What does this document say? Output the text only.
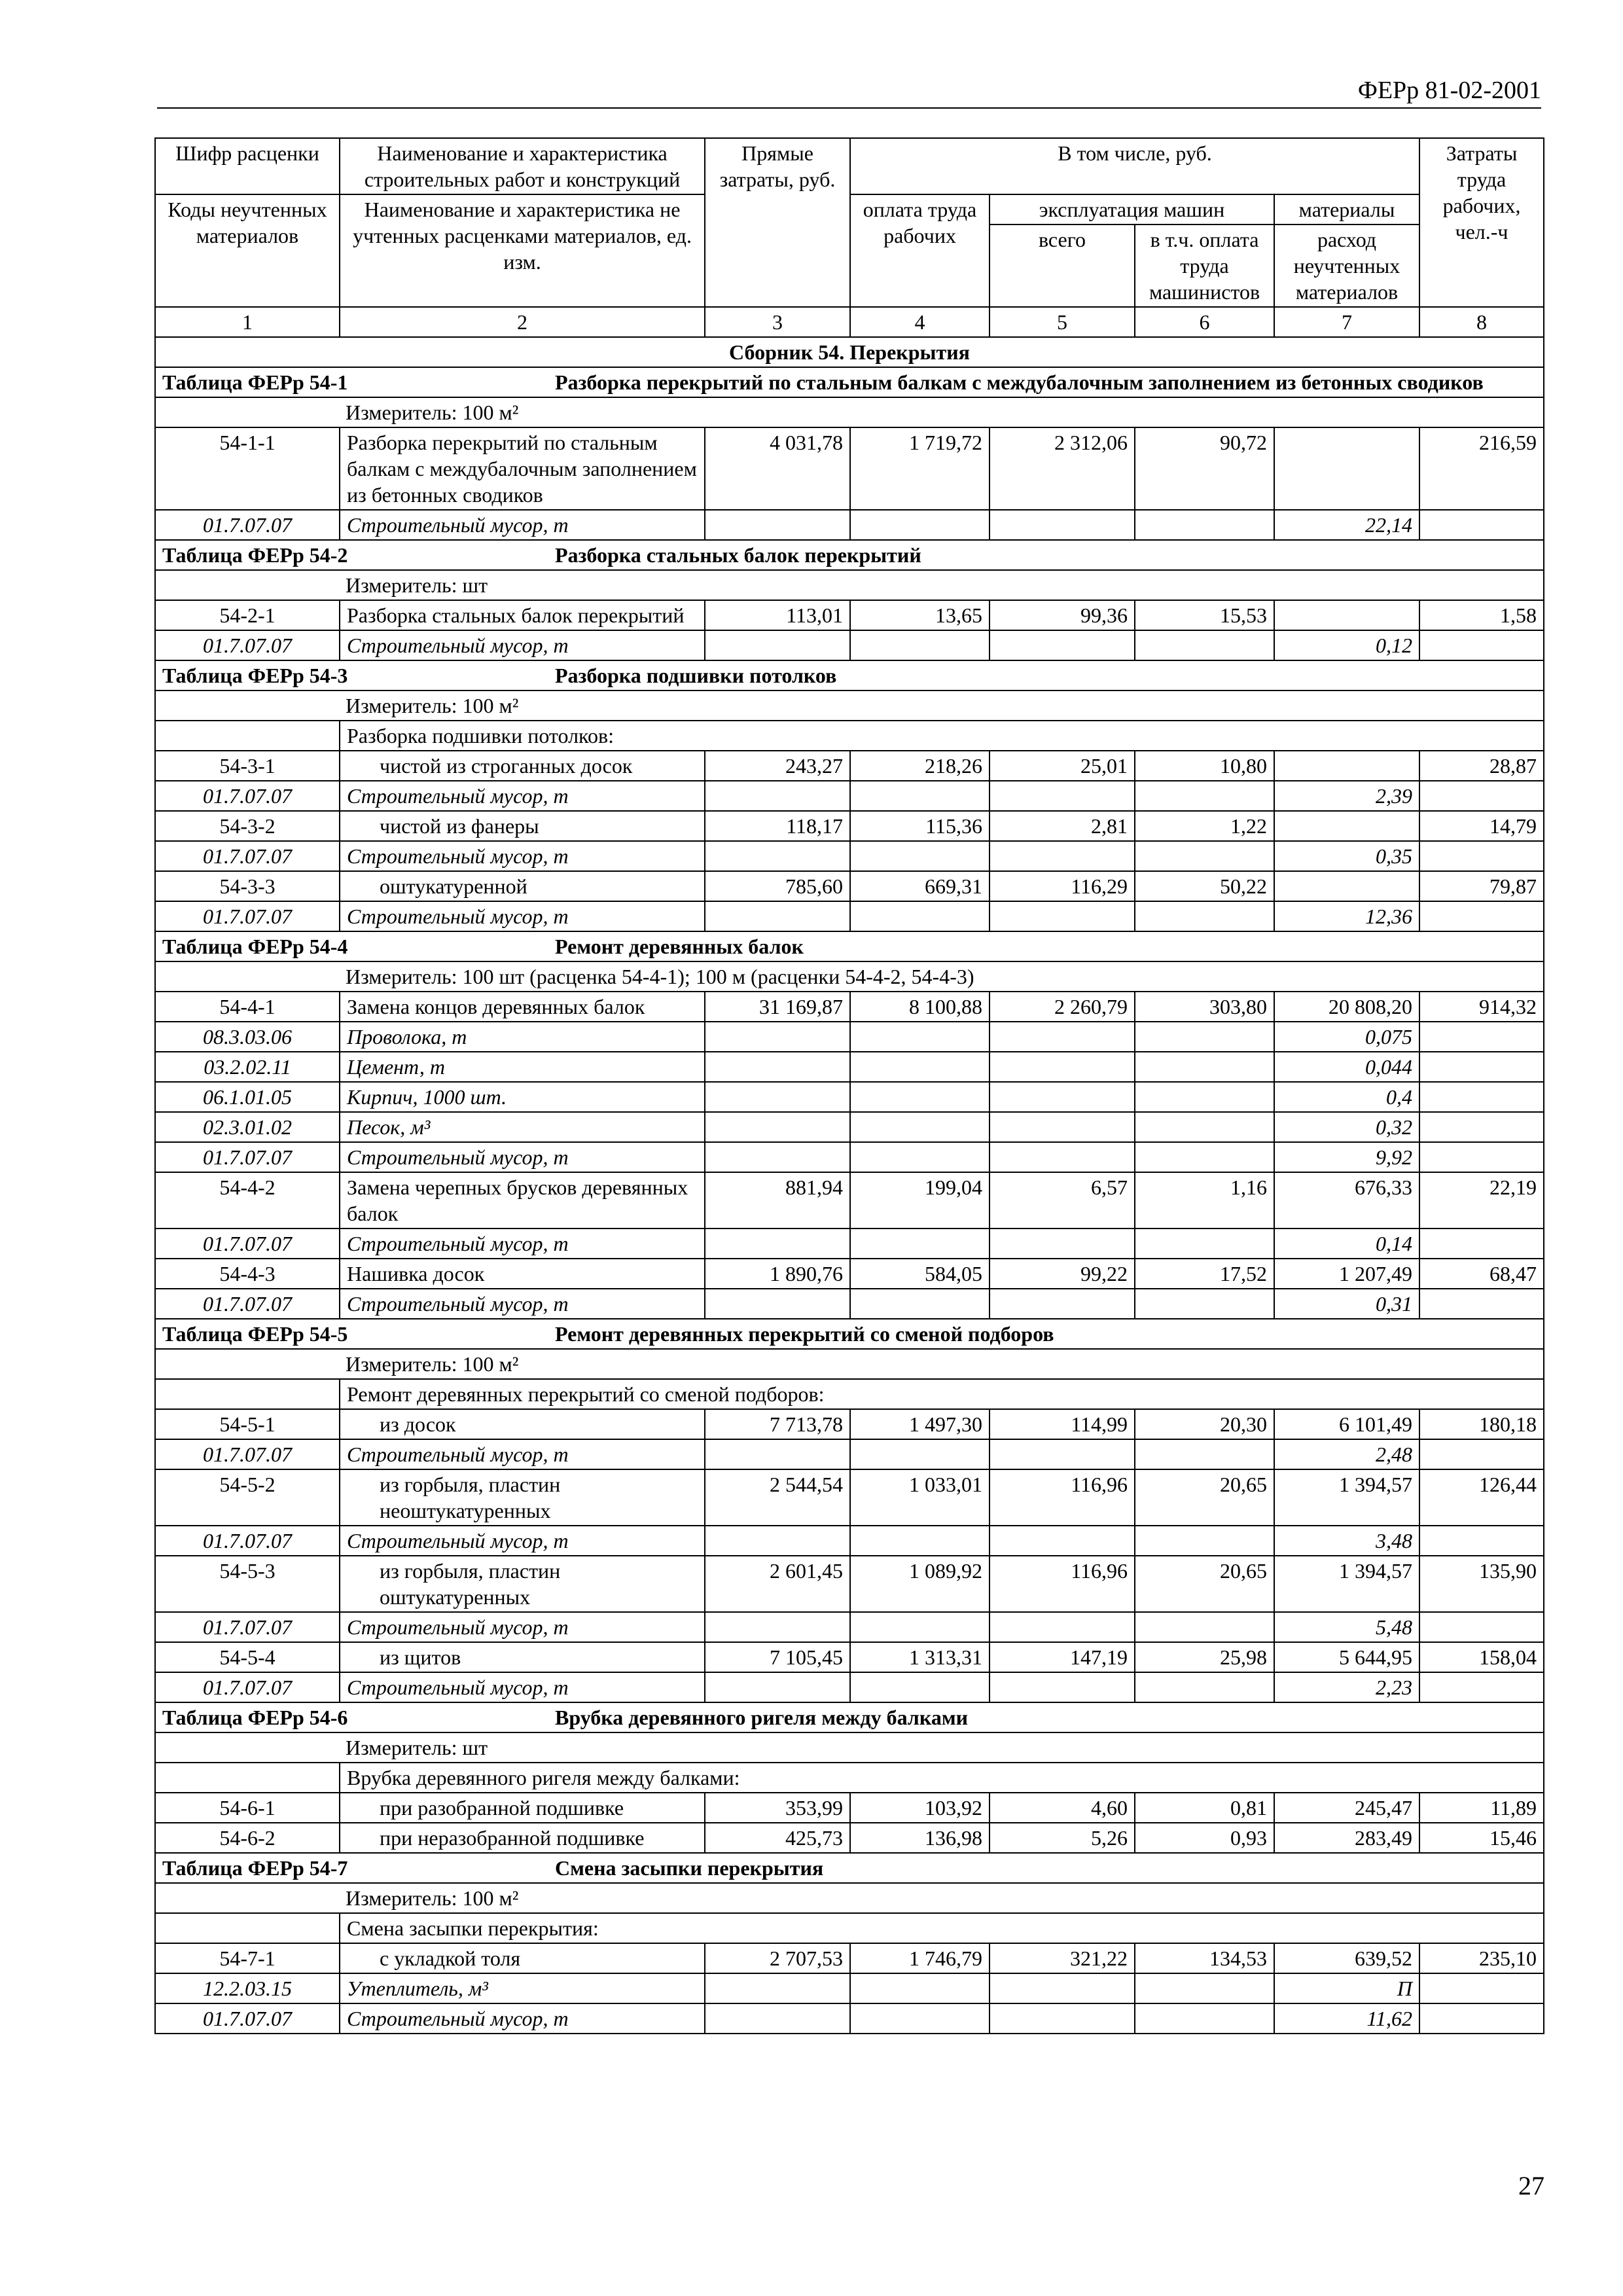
ФЕРр 81-02-2001
Шифр расценки	Наименование и характеристика строительных работ и конструкций	Прямые затраты, руб.	В том числе, руб.				Затраты труда рабочих, чел.-ч
Коды неучтенных материалов	Наименование и характеристика не учтенных расценками материалов, ед. изм.		оплата труда рабочих	эксплуатация машин		материалы	
				всего	в т.ч. оплата труда машинистов	расход неучтенных материалов	
1	2	3	4	5	6	7	8
Сборник 54. Перекрытия							
Таблица ФЕРр 54-1 Разборка перекрытий по стальным балкам с междубалочным заполнением из бетонных сводиков							
Измеритель: 100 м²							
54-1-1	Разборка перекрытий по стальным балкам с междубалочным заполнением из бетонных сводиков	4 031,78	1 719,72	2 312,06	90,72		216,59
01.7.07.07	Строительный мусор, т					22,14	
Таблица ФЕРр 54-2 Разборка стальных балок перекрытий							
Измеритель: шт							
54-2-1	Разборка стальных балок перекрытий	113,01	13,65	99,36	15,53		1,58
01.7.07.07	Строительный мусор, т					0,12	
Таблица ФЕРр 54-3 Разборка подшивки потолков							
Измеритель: 100 м²							
	Разборка подшивки потолков:						
54-3-1	чистой из строганных досок	243,27	218,26	25,01	10,80		28,87
01.7.07.07	Строительный мусор, т					2,39	
54-3-2	чистой из фанеры	118,17	115,36	2,81	1,22		14,79
01.7.07.07	Строительный мусор, т					0,35	
54-3-3	оштукатуренной	785,60	669,31	116,29	50,22		79,87
01.7.07.07	Строительный мусор, т					12,36	
Таблица ФЕРр 54-4 Ремонт деревянных балок							
Измеритель: 100 шт (расценка 54-4-1); 100 м (расценки 54-4-2, 54-4-3)							
54-4-1	Замена концов деревянных балок	31 169,87	8 100,88	2 260,79	303,80	20 808,20	914,32
08.3.03.06	Проволока, т					0,075	
03.2.02.11	Цемент, т					0,044	
06.1.01.05	Кирпич, 1000 шт.					0,4	
02.3.01.02	Песок, м³					0,32	
01.7.07.07	Строительный мусор, т					9,92	
54-4-2	Замена черепных брусков деревянных балок	881,94	199,04	6,57	1,16	676,33	22,19
01.7.07.07	Строительный мусор, т					0,14	
54-4-3	Нашивка досок	1 890,76	584,05	99,22	17,52	1 207,49	68,47
01.7.07.07	Строительный мусор, т					0,31	
Таблица ФЕРр 54-5 Ремонт деревянных перекрытий со сменой подборов							
Измеритель: 100 м²							
	Ремонт деревянных перекрытий со сменой подборов:						
54-5-1	из досок	7 713,78	1 497,30	114,99	20,30	6 101,49	180,18
01.7.07.07	Строительный мусор, т					2,48	
54-5-2	из горбыля, пластин неоштукатуренных	2 544,54	1 033,01	116,96	20,65	1 394,57	126,44
01.7.07.07	Строительный мусор, т					3,48	
54-5-3	из горбыля, пластин оштукатуренных	2 601,45	1 089,92	116,96	20,65	1 394,57	135,90
01.7.07.07	Строительный мусор, т					5,48	
54-5-4	из щитов	7 105,45	1 313,31	147,19	25,98	5 644,95	158,04
01.7.07.07	Строительный мусор, т					2,23	
Таблица ФЕРр 54-6 Врубка деревянного ригеля между балками							
Измеритель: шт							
	Врубка деревянного ригеля между балками:						
54-6-1	при разобранной подшивке	353,99	103,92	4,60	0,81	245,47	11,89
54-6-2	при неразобранной подшивке	425,73	136,98	5,26	0,93	283,49	15,46
Таблица ФЕРр 54-7 Смена засыпки перекрытия							
Измеритель: 100 м²							
	Смена засыпки перекрытия:						
54-7-1	с укладкой толя	2 707,53	1 746,79	321,22	134,53	639,52	235,10
12.2.03.15	Утеплитель, м³					П	
01.7.07.07	Строительный мусор, т					11,62	
27
